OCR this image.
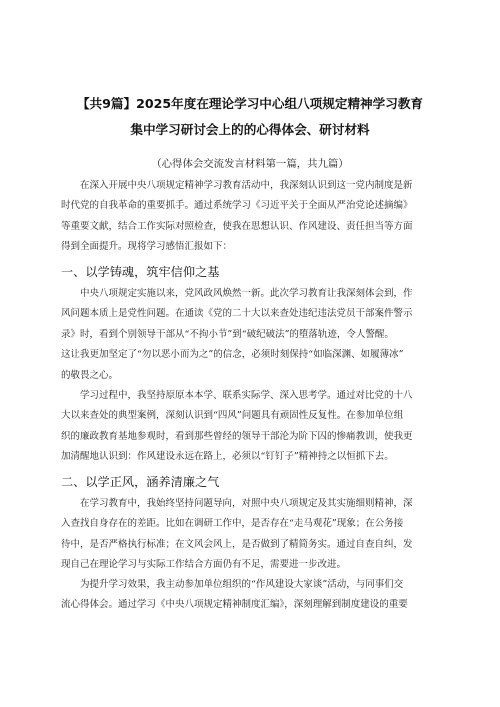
【共9篇】2025年度在理论学习中心组八项规定精神学习教育
集中学习研讨会上的的心得体会、研讨材料
（心得体会交流发言材料第一篇，共九篇）
　　在深入开展中央八项规定精神学习教育活动中，我深刻认识到这一党内制度是新
时代党的自我革命的重要抓手。通过系统学习《习近平关于全面从严治党论述摘编》
等重要文献，结合工作实际对照检查，使我在思想认识、作风建设、责任担当等方面
得到全面提升。现将学习感悟汇报如下：
一、以学铸魂，筑牢信仰之基
　　中央八项规定实施以来，党风政风焕然一新。此次学习教育让我深刻体会到，作
风问题本质上是党性问题。在通读《党的二十大以来查处违纪违法党员干部案件警示
录》时，看到个别领导干部从“不拘小节”到“破纪破法”的堕落轨迹，令人警醒。
这让我更加坚定了“勿以恶小而为之”的信念，必须时刻保持“如临深渊、如履薄冰”
的敬畏之心。
　　学习过程中，我坚持原原本本学、联系实际学、深入思考学。通过对比党的十八
大以来查处的典型案例，深刻认识到“四风”问题具有顽固性反复性。在参加单位组
织的廉政教育基地参观时，看到那些曾经的领导干部沦为阶下囚的惨痛教训，使我更
加清醒地认识到：作风建设永远在路上，必须以“钉钉子”精神持之以恒抓下去。
二、以学正风，涵养清廉之气
　　在学习教育中，我始终坚持问题导向，对照中央八项规定及其实施细则精神，深
入查找自身存在的差距。比如在调研工作中，是否存在“走马观花”现象；在公务接
待中，是否严格执行标准；在文风会风上，是否做到了精简务实。通过自查自纠，发
现自己在理论学习与实际工作结合方面仍有不足，需要进一步改进。
　　为提升学习效果，我主动参加单位组织的“作风建设大家谈”活动，与同事们交
流心得体会。通过学习《中央八项规定精神制度汇编》，深刻理解到制度建设的重要
